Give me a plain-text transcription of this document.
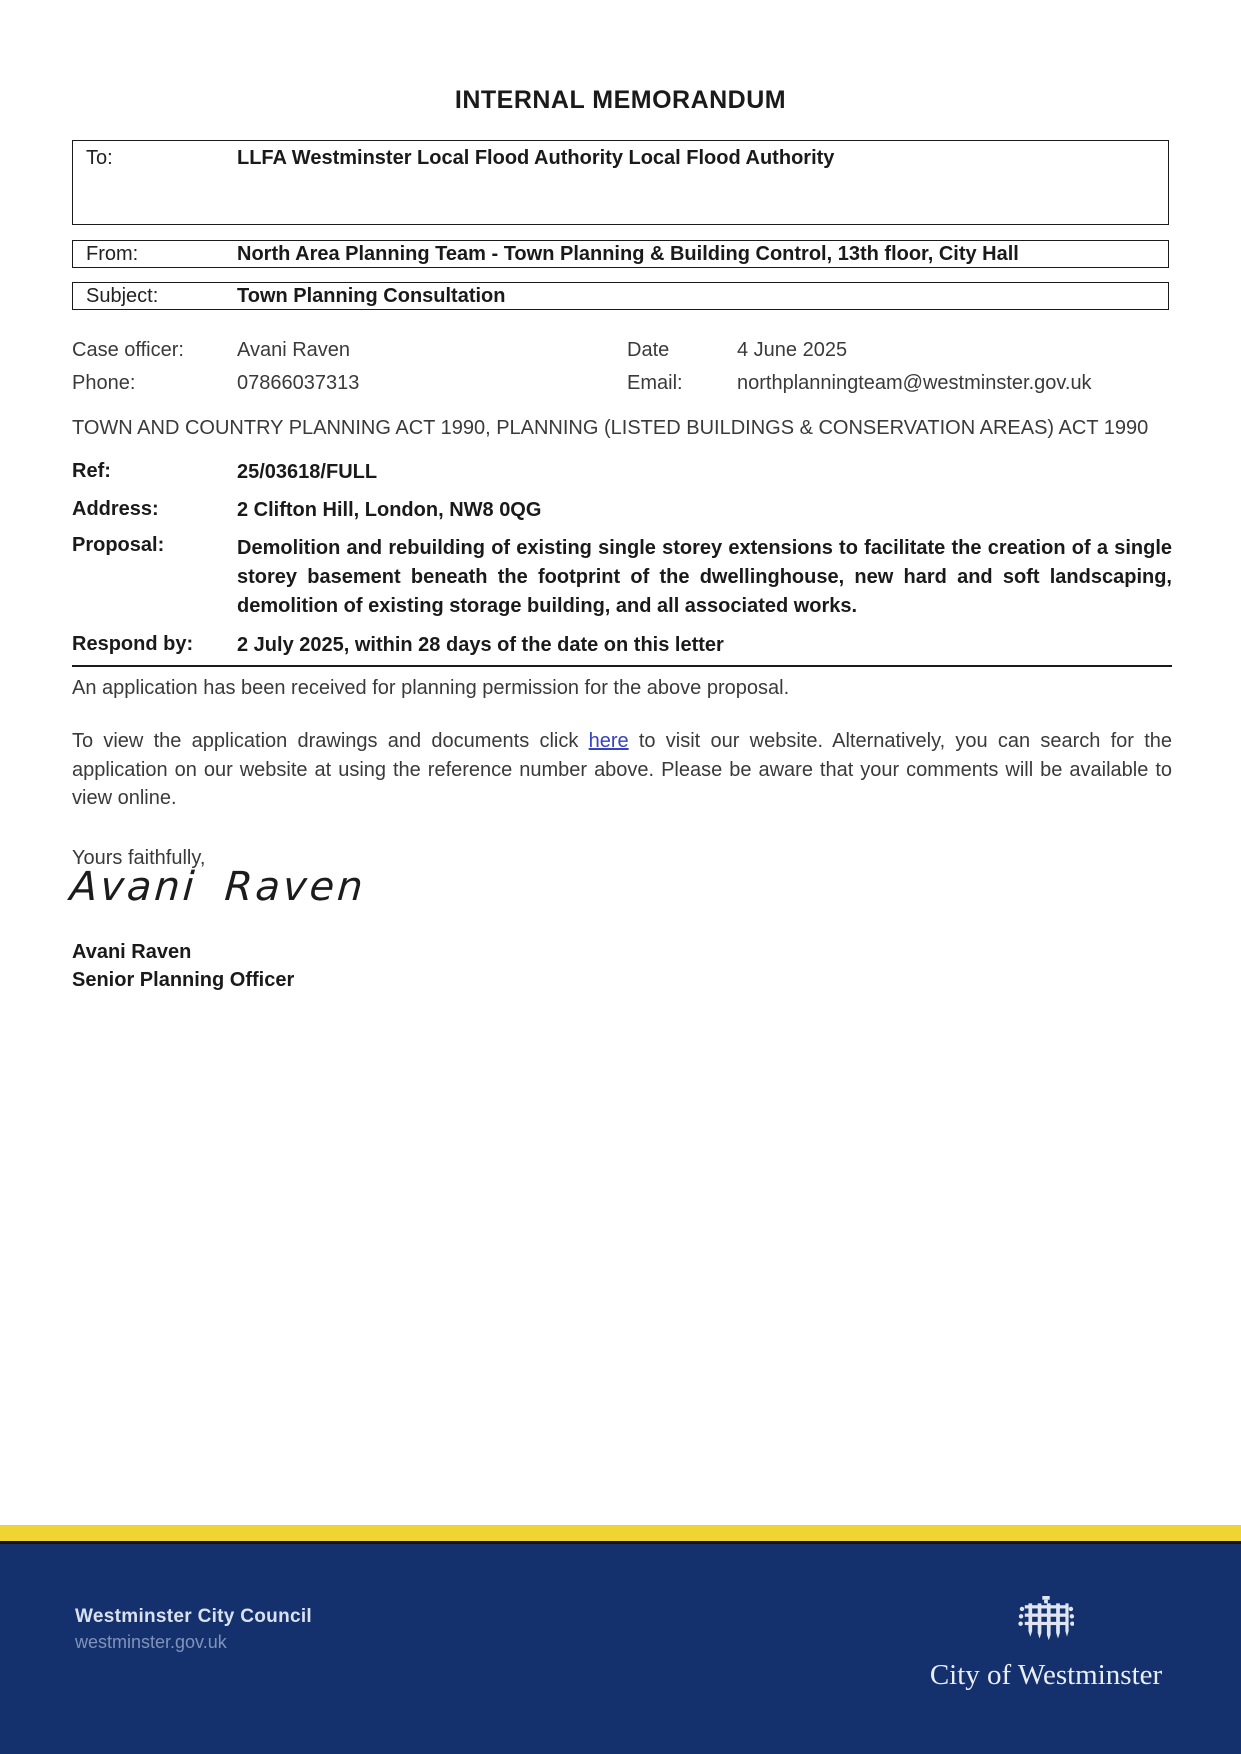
INTERNAL MEMORANDUM
To:	LLFA Westminster Local Flood Authority Local Flood Authority
From:	North Area Planning Team - Town Planning & Building Control, 13th floor, City Hall
Subject:	Town Planning Consultation
Case officer:	Avani Raven	Date	4 June 2025
Phone:	07866037313	Email:	northplanningteam@westminster.gov.uk
TOWN AND COUNTRY PLANNING ACT 1990, PLANNING (LISTED BUILDINGS & CONSERVATION AREAS) ACT 1990
Ref:	25/03618/FULL
Address:	2 Clifton Hill, London, NW8 0QG
Proposal:	Demolition and rebuilding of existing single storey extensions to facilitate the creation of a single storey basement beneath the footprint of the dwellinghouse, new hard and soft landscaping, demolition of existing storage building, and all associated works.
Respond by:	2 July 2025, within 28 days of the date on this letter
An application has been received for planning permission for the above proposal.
To view the application drawings and documents click here to visit our website. Alternatively, you can search for the application on our website at using the reference number above. Please be aware that your comments will be available to view online.
Yours faithfully,
Avani Raven
Avani Raven
Senior Planning Officer
Westminster City Council
westminster.gov.uk
City of Westminster
